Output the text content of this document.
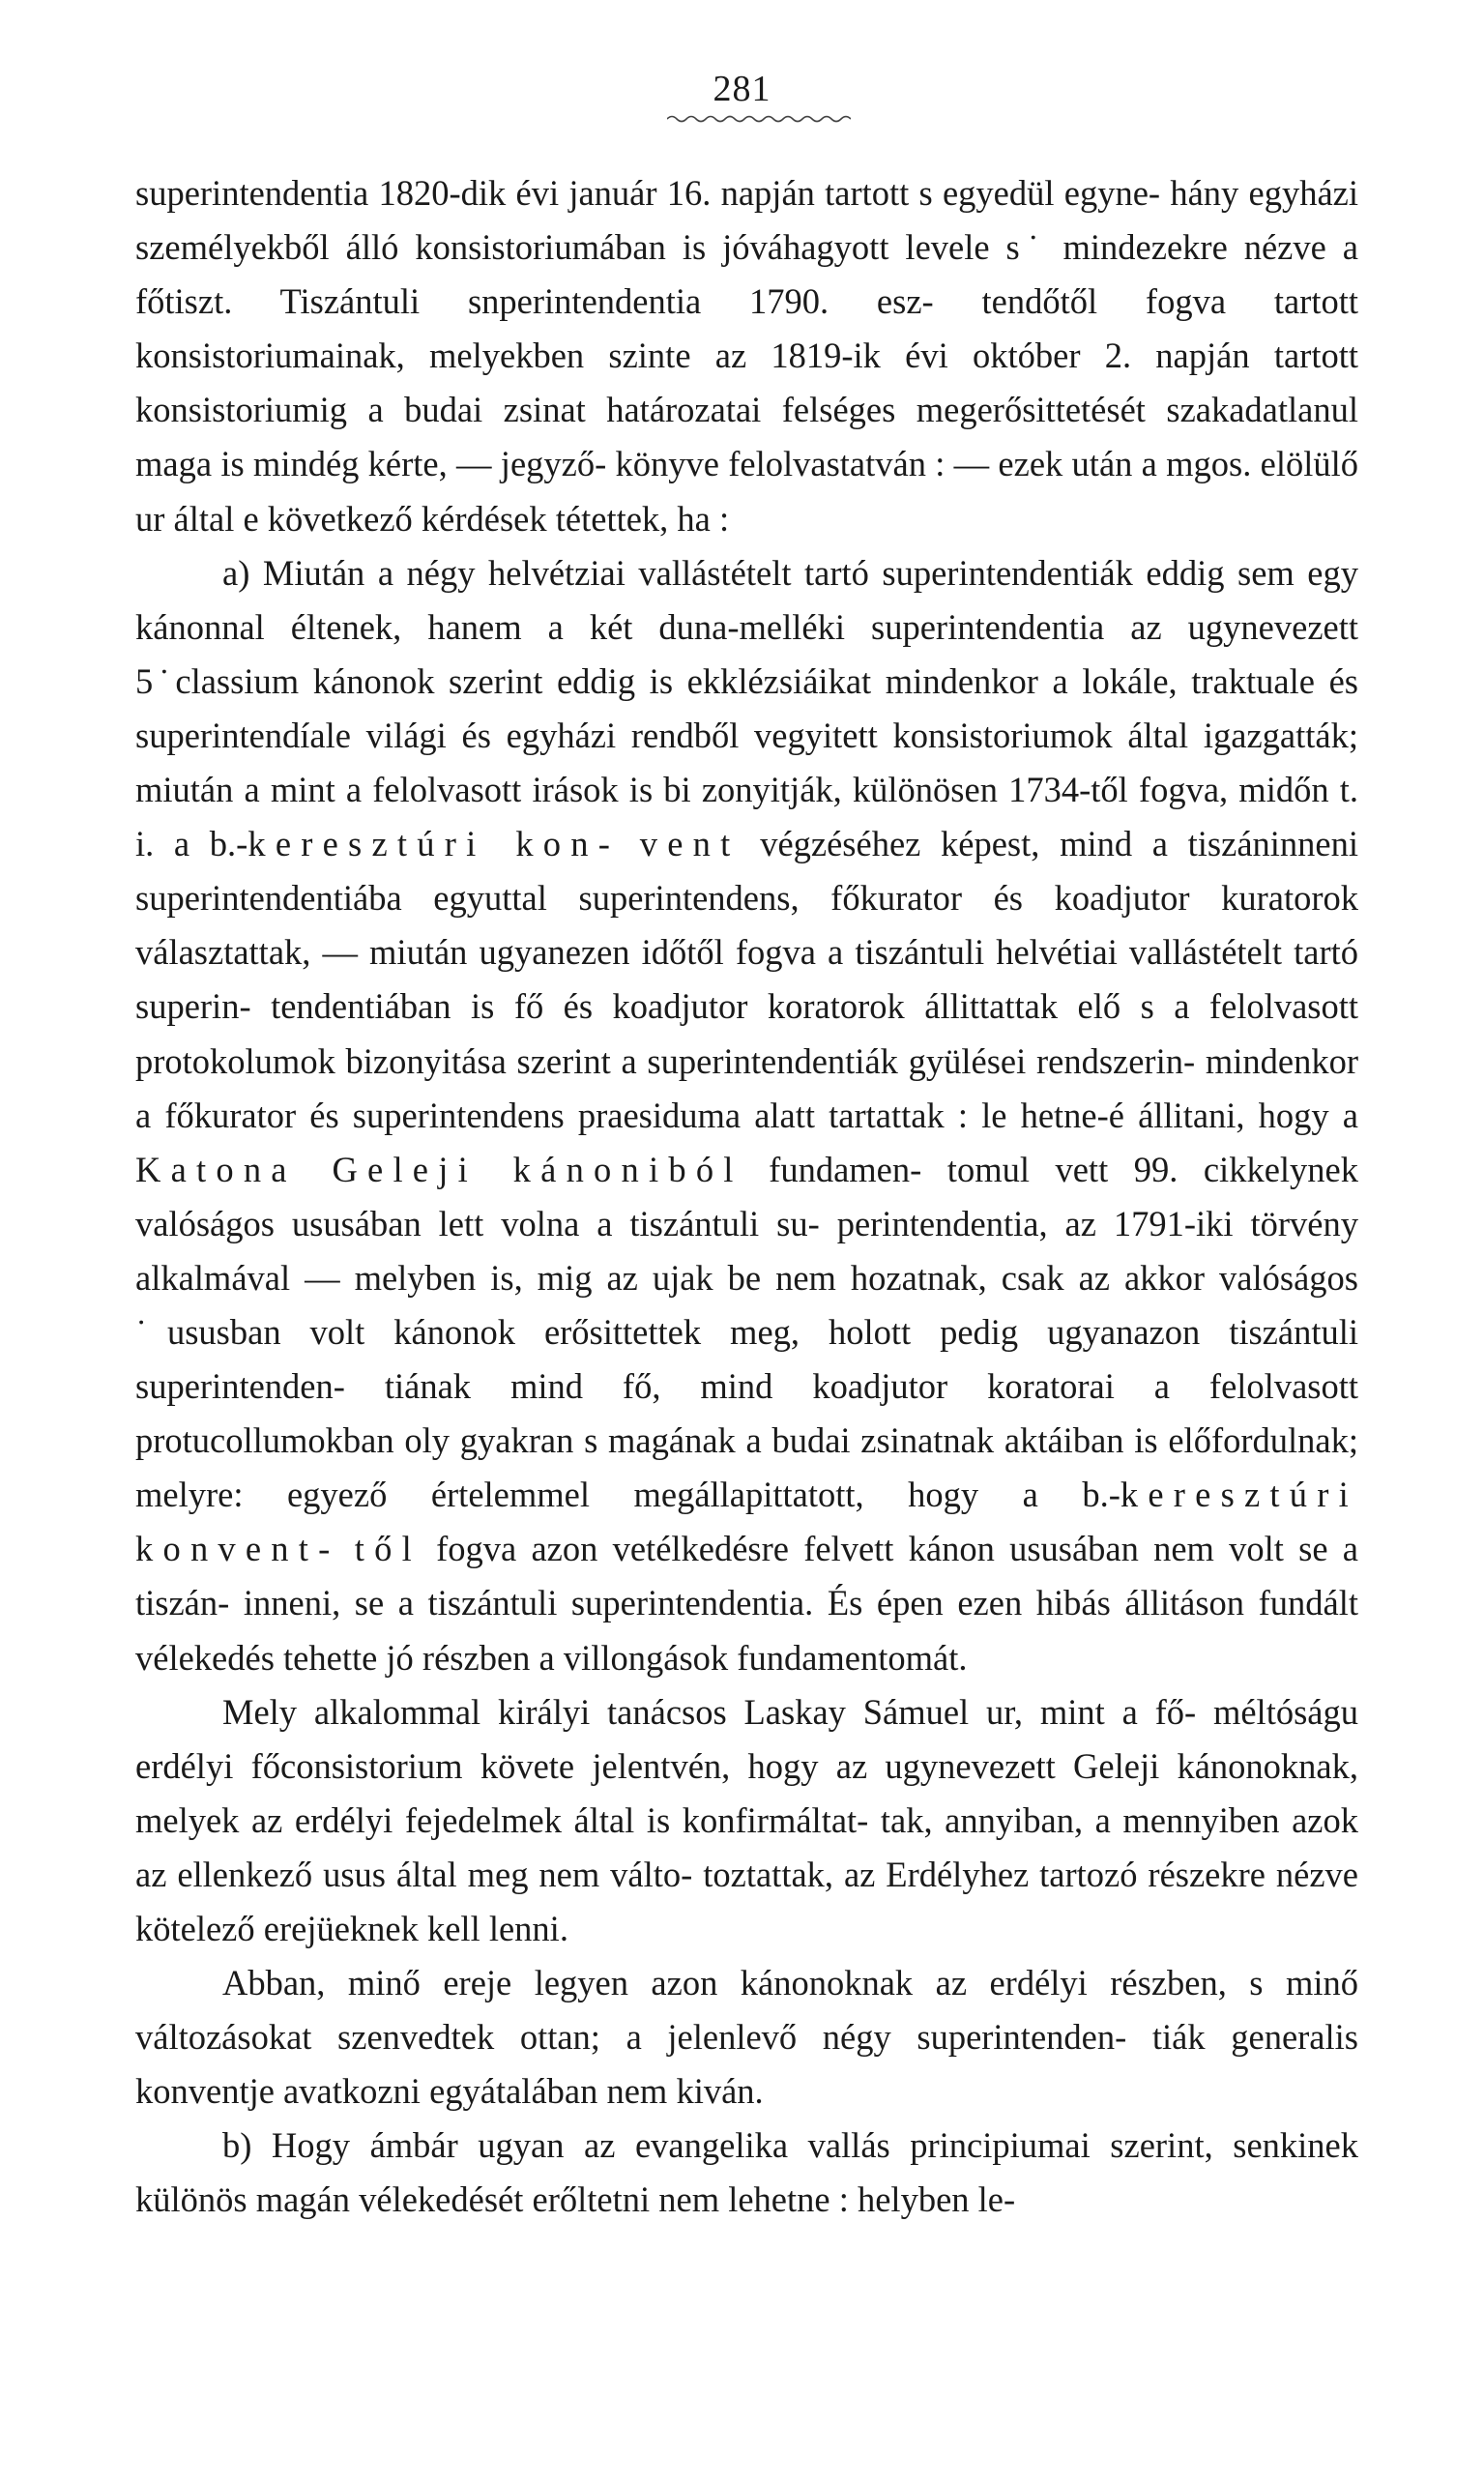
281

superintendentia 1820-dik évi január 16. napján tartott s egyedül egyne- hány egyházi személyekből álló konsistoriumában is jóváhagyott levele s˙ mindezekre nézve a főtiszt. Tiszántuli snperintendentia 1790. esz- tendőtől fogva tartott konsistoriumainak, melyekben szinte az 1819-ik évi október 2. napján tartott konsistoriumig a budai zsinat határozatai felséges megerősittetését szakadatlanul maga is mindég kérte, — jegyző- könyve felolvastatván : — ezek után a mgos. elölülő ur által e következő kérdések tétettek, ha :

a) Miután a négy helvétziai vallástételt tartó superintendentiák eddig sem egy kánonnal éltenek, hanem a két duna-melléki superintendentia az ugynevezett 5˙classium kánonok szerint eddig is ekklézsiáikat mindenkor a lokále, traktuale és superintendíale világi és egyházi rendből vegyitett konsistoriumok által igazgatták; miután a mint a felolvasott irások is bi zonyitják, különösen 1734-től fogva, midőn t. i. a b.-keresztúri kon- vent végzéséhez képest, mind a tiszáninneni superintendentiába egyuttal superintendens, főkurator és koadjutor kuratorok választattak, — miután ugyanezen időtől fogva a tiszántuli helvétiai vallástételt tartó superin- tendentiában is fő és koadjutor koratorok állittattak elő s a felolvasott protokolumok bizonyitása szerint a superintendentiák gyülései rendszerin- mindenkor a főkurator és superintendens praesiduma alatt tartattak : le hetne-é állitani, hogy a Katona Geleji kánoniból fundamen- tomul vett 99. cikkelynek valóságos ususában lett volna a tiszántuli su- perintendentia, az 1791-iki törvény alkalmával — melyben is, mig az ujak be nem hozatnak, csak az akkor valóságos ˙ususban volt kánonok erősittettek meg, holott pedig ugyanazon tiszántuli superintenden- tiának mind fő, mind koadjutor koratorai a felolvasott protucollumokban oly gyakran s magának a budai zsinatnak aktáiban is előfordulnak; melyre: egyező értelemmel megállapittatott, hogy a b.-keresztúri konvent- től fogva azon vetélkedésre felvett kánon ususában nem volt se a tiszán- inneni, se a tiszántuli superintendentia. És épen ezen hibás állitáson fundált vélekedés tehette jó részben a villongások fundamentomát.

Mely alkalommal királyi tanácsos Laskay Sámuel ur, mint a fő- méltóságu erdélyi főconsistorium követe jelentvén, hogy az ugynevezett Geleji kánonoknak, melyek az erdélyi fejedelmek által is konfirmáltat- tak, annyiban, a mennyiben azok az ellenkező usus által meg nem válto- toztattak, az Erdélyhez tartozó részekre nézve kötelező erejüeknek kell lenni.

Abban, minő ereje legyen azon kánonoknak az erdélyi részben, s minő változásokat szenvedtek ottan; a jelenlevő négy superintenden- tiák generalis konventje avatkozni egyátalában nem kiván.

b) Hogy ámbár ugyan az evangelika vallás principiumai szerint, senkinek különös magán vélekedését erőltetni nem lehetne : helyben le-
